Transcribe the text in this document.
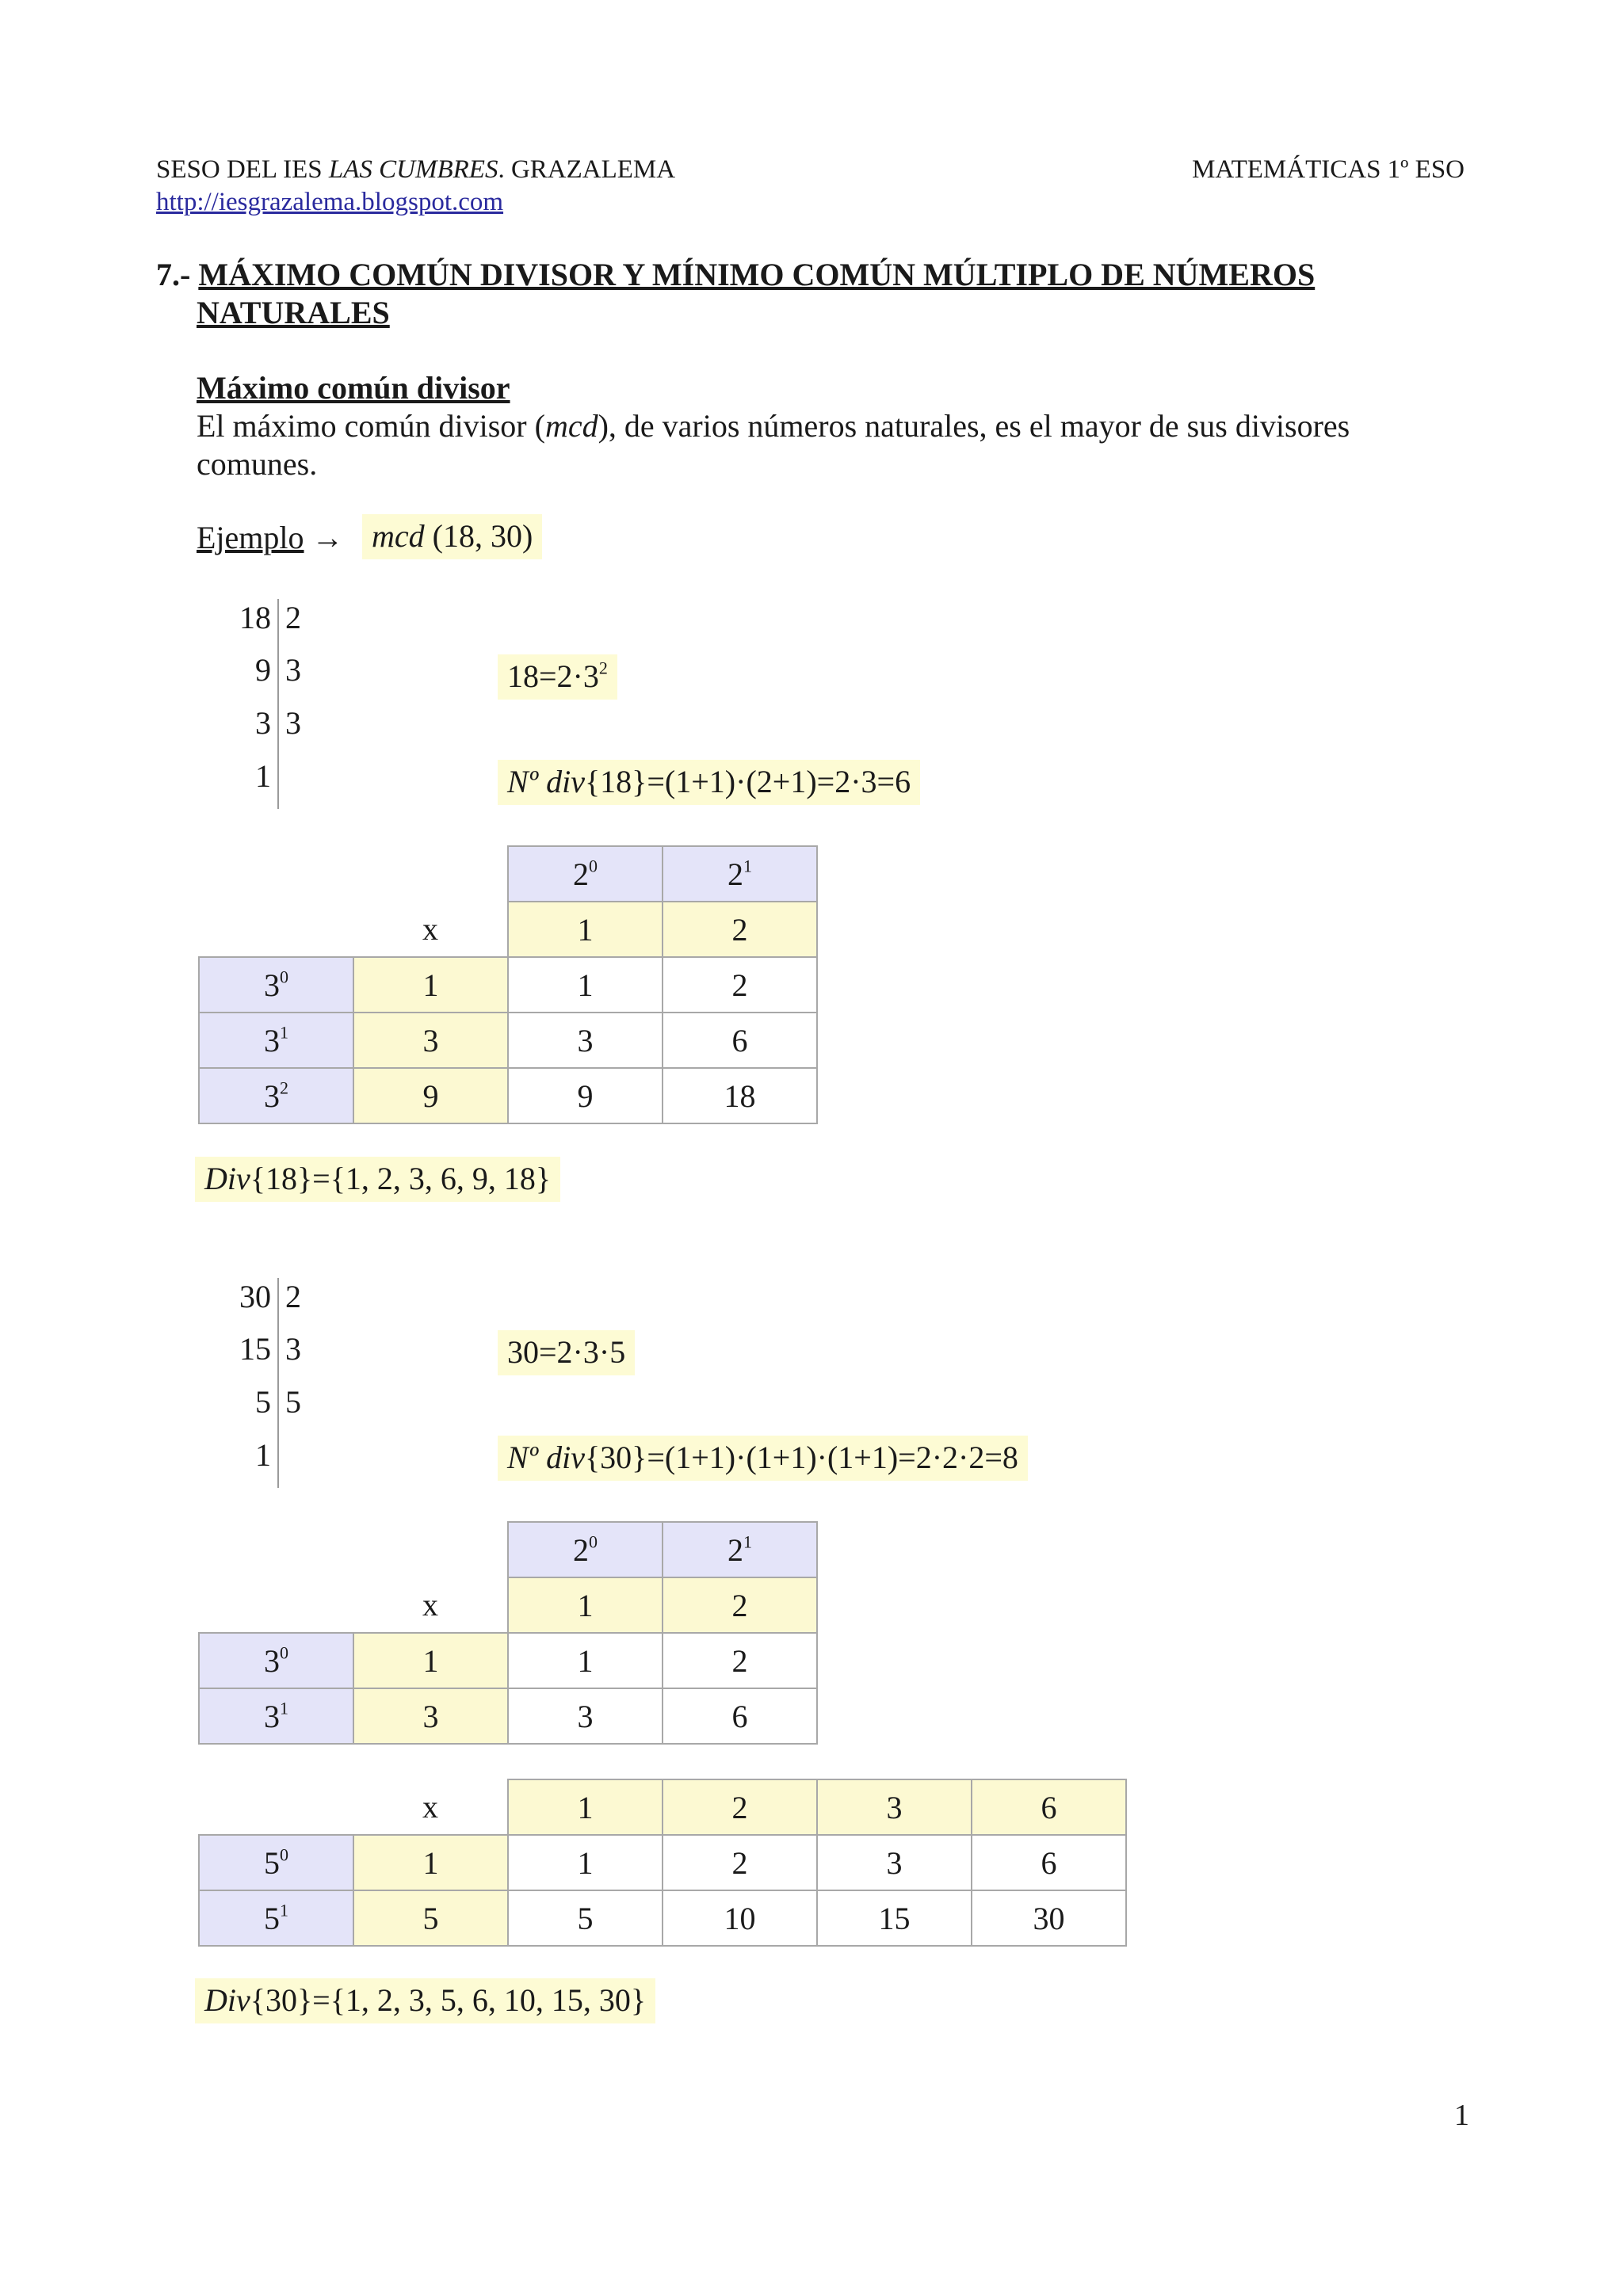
SESO DEL IES LAS CUMBRES. GRAZALEMA	MATEMÁTICAS 1º ESO
http://iesgrazalema.blogspot.com
7.- MÁXIMO COMÚN DIVISOR Y MÍNIMO COMÚN MÚLTIPLO DE NÚMEROS
NATURALES
Máximo común divisor
El máximo común divisor (mcd), de varios números naturales, es el mayor de sus divisores
comunes.
Ejemplo → mcd (18, 30)
18 2
9 3
3 3
1
$18=2\cdot 3^2$
Nº div{18}=(1+1)·(2+1)=2·3=6
		$2^0$	$2^1$
	x	1	2
$3^0$	1	1	2
$3^1$	3	3	6
$3^2$	9	9	18
Div{18}={1, 2, 3, 6, 9, 18}
30 2
15 3
5 5
1
30=2·3·5
Nº div{30}=(1+1)·(1+1)·(1+1)=2·2·2=8
		$2^0$	$2^1$
	x	1	2
$3^0$	1	1	2
$3^1$	3	3	6
	x	1	2	3	6
$5^0$	1	1	2	3	6
$5^1$	5	5	10	15	30
Div{30}={1, 2, 3, 5, 6, 10, 15, 30}
1
